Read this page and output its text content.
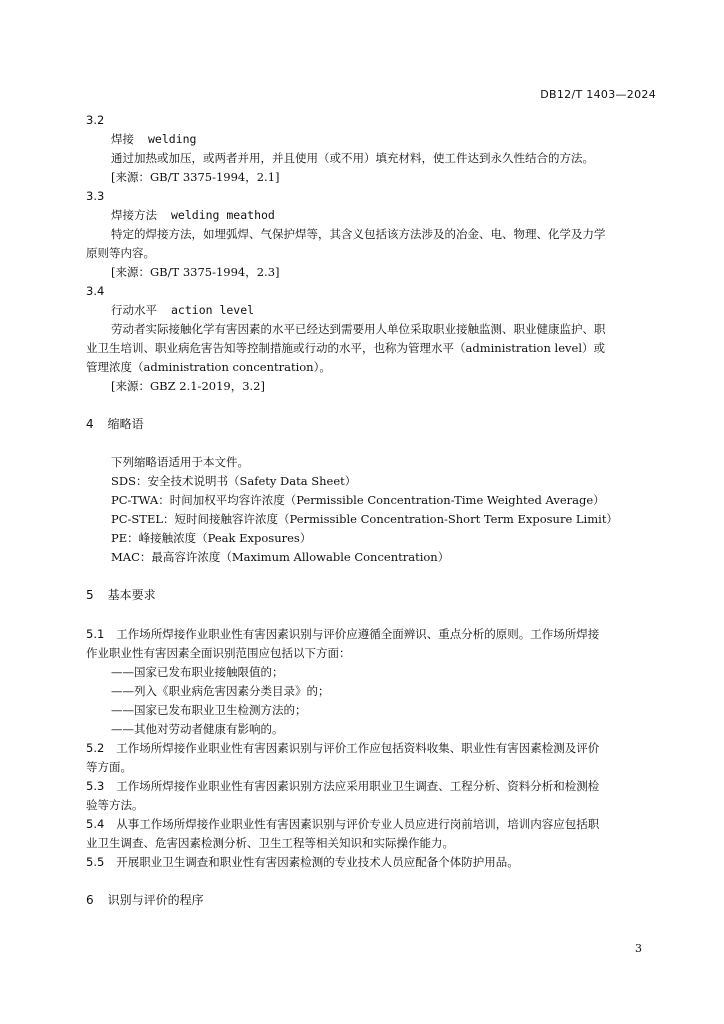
DB12/T 1403—2024
3.2
焊接 welding
通过加热或加压，或两者并用，并且使用（或不用）填充材料，使工件达到永久性结合的方法。
[来源：GB/T 3375-1994，2.1]
3.3
焊接方法 welding meathod
特定的焊接方法，如埋弧焊、气保护焊等，其含义包括该方法涉及的冶金、电、物理、化学及力学
原则等内容。
[来源：GB/T 3375-1994，2.3]
3.4
行动水平 action level
劳动者实际接触化学有害因素的水平已经达到需要用人单位采取职业接触监测、职业健康监护、职
业卫生培训、职业病危害告知等控制措施或行动的水平，也称为管理水平（administration level）或
管理浓度（administration concentration）。
[来源：GBZ 2.1-2019，3.2]
4 缩略语
下列缩略语适用于本文件。
SDS：安全技术说明书（Safety Data Sheet）
PC-TWA：时间加权平均容许浓度（Permissible Concentration-Time Weighted Average）
PC-STEL：短时间接触容许浓度（Permissible Concentration-Short Term Exposure Limit）
PE：峰接触浓度（Peak Exposures）
MAC：最高容许浓度（Maximum Allowable Concentration）
5 基本要求
5.1 工作场所焊接作业职业性有害因素识别与评价应遵循全面辨识、重点分析的原则。工作场所焊接
作业职业性有害因素全面识别范围应包括以下方面：
——国家已发布职业接触限值的；
——列入《职业病危害因素分类目录》的；
——国家已发布职业卫生检测方法的；
——其他对劳动者健康有影响的。
5.2 工作场所焊接作业职业性有害因素识别与评价工作应包括资料收集、职业性有害因素检测及评价
等方面。
5.3 工作场所焊接作业职业性有害因素识别方法应采用职业卫生调查、工程分析、资料分析和检测检
验等方法。
5.4 从事工作场所焊接作业职业性有害因素识别与评价专业人员应进行岗前培训，培训内容应包括职
业卫生调查、危害因素检测分析、卫生工程等相关知识和实际操作能力。
5.5 开展职业卫生调查和职业性有害因素检测的专业技术人员应配备个体防护用品。
6 识别与评价的程序
3
